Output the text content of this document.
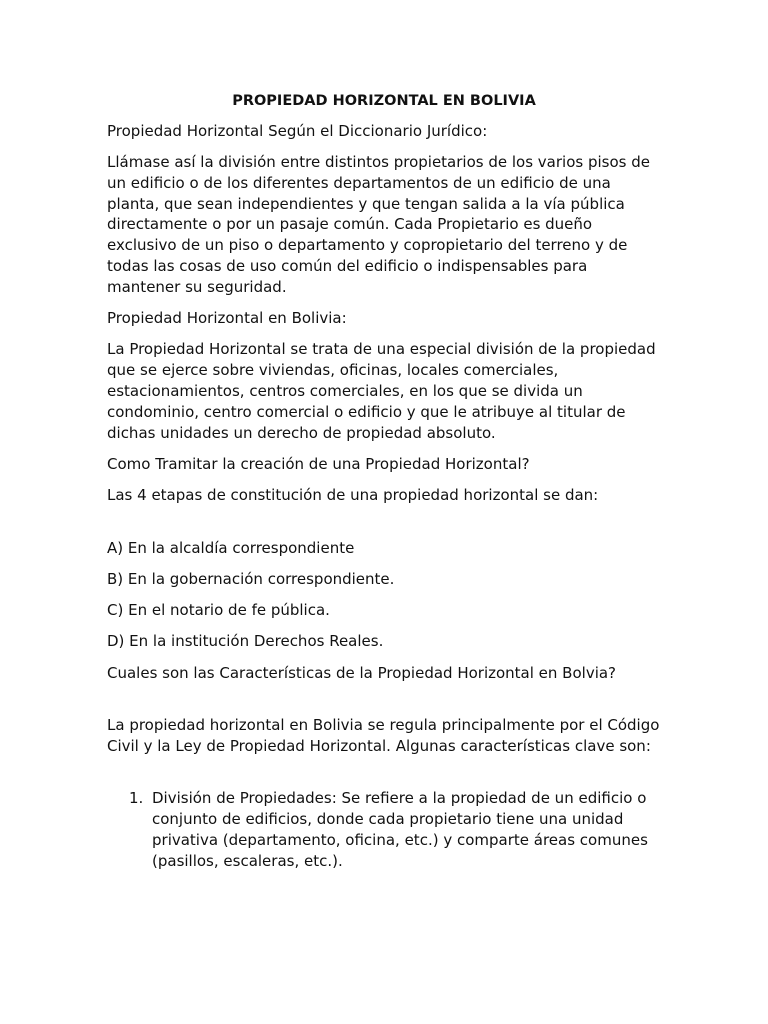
PROPIEDAD HORIZONTAL EN BOLIVIA
Propiedad Horizontal Según el Diccionario Jurídico:
Llámase así la división entre distintos propietarios de los varios pisos de un edificio o de los diferentes departamentos de un edificio de una planta, que sean independientes y que tengan salida a la vía pública directamente o por un pasaje común. Cada Propietario es dueño exclusivo de un piso o departamento y copropietario del terreno y de todas las cosas de uso común del edificio o indispensables para mantener su seguridad.
Propiedad Horizontal en Bolivia:
La Propiedad Horizontal se trata de una especial división de la propiedad que se ejerce sobre viviendas, oficinas, locales comerciales, estacionamientos, centros comerciales, en los que se divida un condominio, centro comercial o edificio y que le atribuye al titular de dichas unidades un derecho de propiedad absoluto.
Como Tramitar la creación de una Propiedad Horizontal?
Las 4 etapas de constitución de una propiedad horizontal se dan:
A) En la alcaldía correspondiente
B) En la gobernación correspondiente.
C) En el notario de fe pública.
D) En la institución Derechos Reales.
Cuales son las Características de la Propiedad Horizontal en Bolvia?
La propiedad horizontal en Bolivia se regula principalmente por el Código Civil y la Ley de Propiedad Horizontal. Algunas características clave son:
1. División de Propiedades: Se refiere a la propiedad de un edificio o conjunto de edificios, donde cada propietario tiene una unidad privativa (departamento, oficina, etc.) y comparte áreas comunes (pasillos, escaleras, etc.).
